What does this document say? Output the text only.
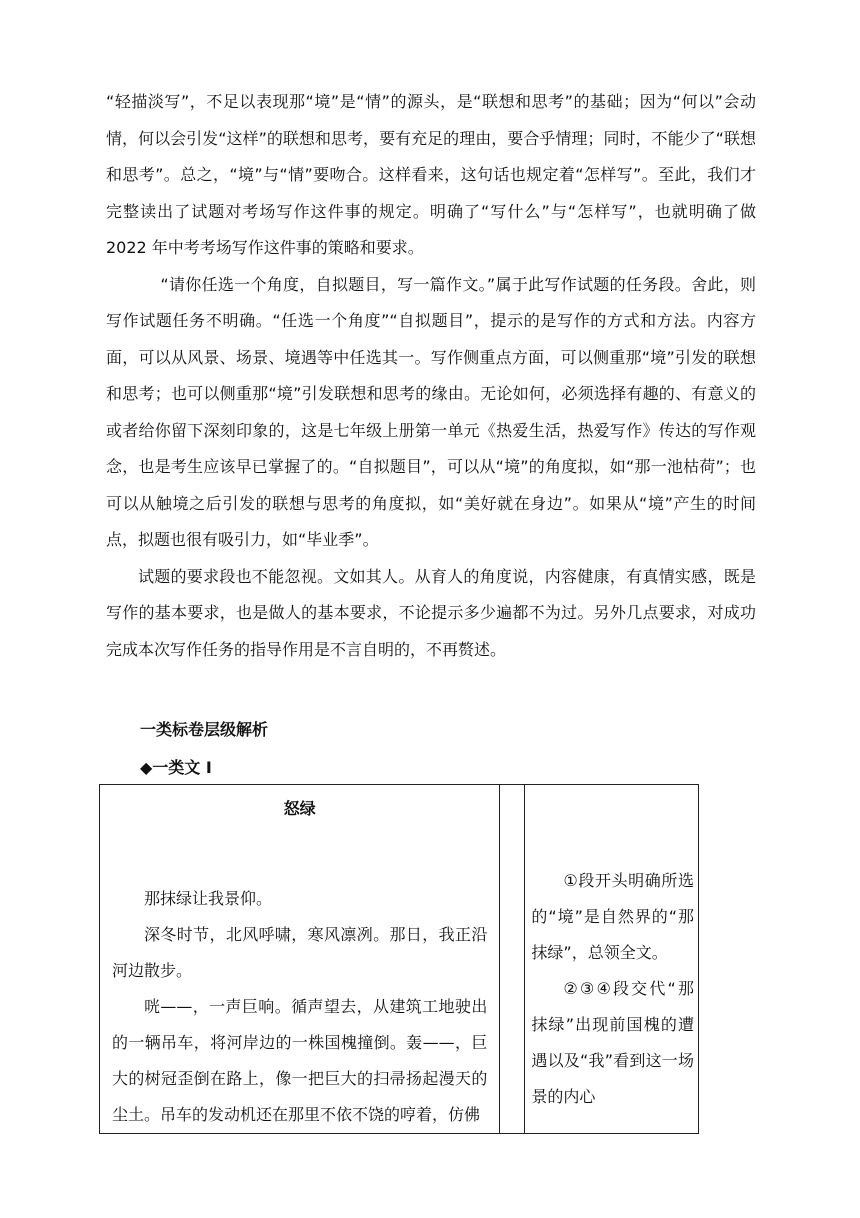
“轻描淡写”，不足以表现那“境”是“情”的源头，是“联想和思考”的基础；因为“何以”会动情，何以会引发“这样”的联想和思考，要有充足的理由，要合乎情理；同时，不能少了“联想和思考”。总之，“境”与“情”要吻合。这样看来，这句话也规定着“怎样写”。至此，我们才完整读出了试题对考场写作这件事的规定。明确了“写什么”与“怎样写”，也就明确了做 2022 年中考考场写作这件事的策略和要求。

“请你任选一个角度，自拟题目，写一篇作文。”属于此写作试题的任务段。舍此，则写作试题任务不明确。“任选一个角度”“自拟题目”，提示的是写作的方式和方法。内容方面，可以从风景、场景、境遇等中任选其一。写作侧重点方面，可以侧重那“境”引发的联想和思考；也可以侧重那“境”引发联想和思考的缘由。无论如何，必须选择有趣的、有意义的或者给你留下深刻印象的，这是七年级上册第一单元《热爱生活，热爱写作》传达的写作观念，也是考生应该早已掌握了的。“自拟题目”，可以从“境”的角度拟，如“那一池枯荷”；也可以从触境之后引发的联想与思考的角度拟，如“美好就在身边”。如果从“境”产生的时间点，拟题也很有吸引力，如“毕业季”。

试题的要求段也不能忽视。文如其人。从育人的角度说，内容健康，有真情实感，既是写作的基本要求，也是做人的基本要求，不论提示多少遍都不为过。另外几点要求，对成功完成本次写作任务的指导作用是不言自明的，不再赘述。

一类标卷层级解析
◆一类文 I

怒绿

那抹绿让我景仰。

深冬时节，北风呼啸，寒风凛冽。那日，我正沿河边散步。

咣——，一声巨响。循声望去，从建筑工地驶出的一辆吊车，将河岸边的一株国槐撞倒。轰——，巨大的树冠歪倒在路上，像一把巨大的扫帚扬起漫天的尘土。吊车的发动机还在那里不依不饶的哼着，仿佛

①段开头明确所选的“境”是自然界的“那抹绿”，总领全文。

②③④段交代“那抹绿”出现前国槐的遭遇以及“我”看到这一场景的内心
